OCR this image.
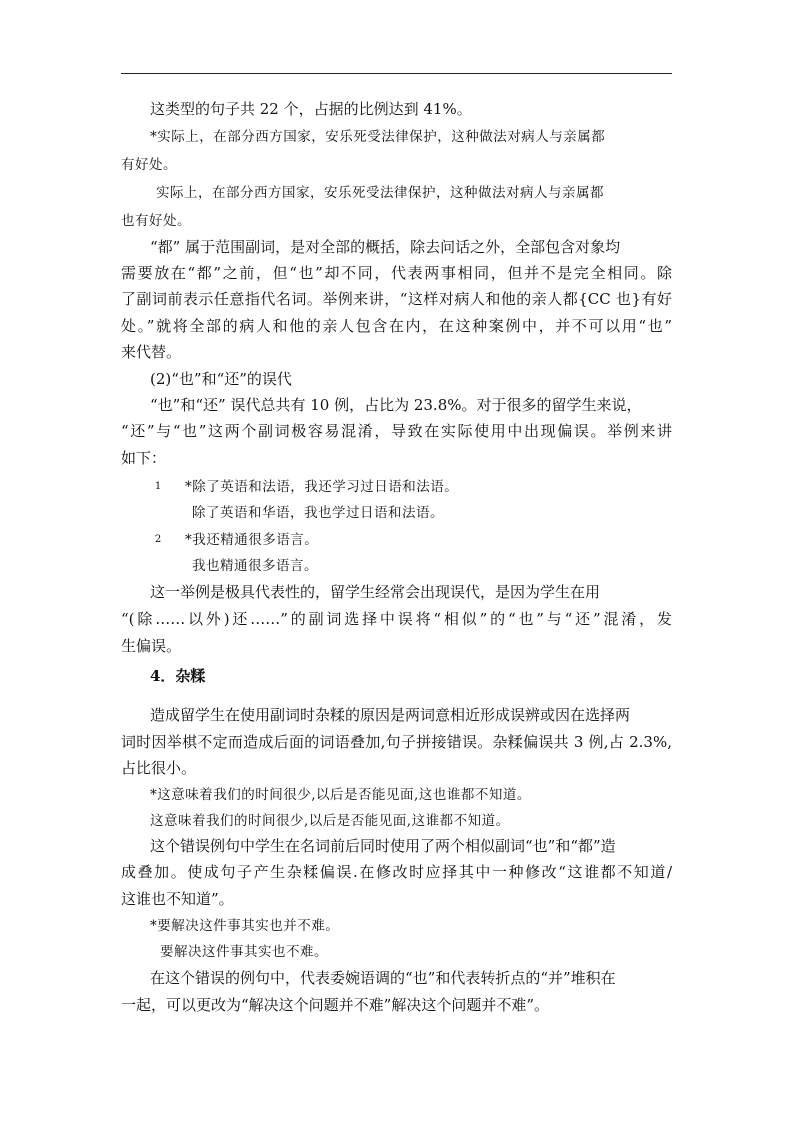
这类型的句子共 22 个，占据的比例达到 41%。
*实际上，在部分西方国家，安乐死受法律保护，这种做法对病人与亲属都
有好处。
实际上，在部分西方国家，安乐死受法律保护，这种做法对病人与亲属都
也有好处。
“都” 属于范围副词，是对全部的概括，除去问话之外，全部包含对象均
需要放在“都”之前，但“也”却不同，代表两事相同，但并不是完全相同。除
了副词前表示任意指代名词。举例来讲，“这样对病人和他的亲人都{CC 也}有好
处。”就将全部的病人和他的亲人包含在内，在这种案例中，并不可以用“也”
来代替。
(2)“也”和“还”的误代
“也”和“还” 误代总共有 10 例，占比为 23.8%。对于很多的留学生来说，
“还”与“也”这两个副词极容易混淆，导致在实际使用中出现偏误。举例来讲
如下：
1 *除了英语和法语，我还学习过日语和法语。
除了英语和华语，我也学过日语和法语。
2 *我还精通很多语言。
我也精通很多语言。
这一举例是极具代表性的，留学生经常会出现误代，是因为学生在用
“(除……以外)还……”的副词选择中误将“相似”的“也”与“还”混淆，发
生偏误。
4．杂糅
造成留学生在使用副词时杂糅的原因是两词意相近形成误辨或因在选择两
词时因举棋不定而造成后面的词语叠加,句子拼接错误。杂糅偏误共 3 例,占 2.3%,
占比很小。
*这意味着我们的时间很少,以后是否能见面,这也谁都不知道。
这意味着我们的时间很少,以后是否能见面,这谁都不知道。
这个错误例句中学生在名词前后同时使用了两个相似副词“也”和“都”造
成叠加。使成句子产生杂糅偏误.在修改时应择其中一种修改“这谁都不知道/
这谁也不知道”。
*要解决这件事其实也并不难。
要解决这件事其实也不难。
在这个错误的例句中，代表委婉语调的“也”和代表转折点的“并”堆积在
一起，可以更改为“解决这个问题并不难”解决这个问题并不难”。
